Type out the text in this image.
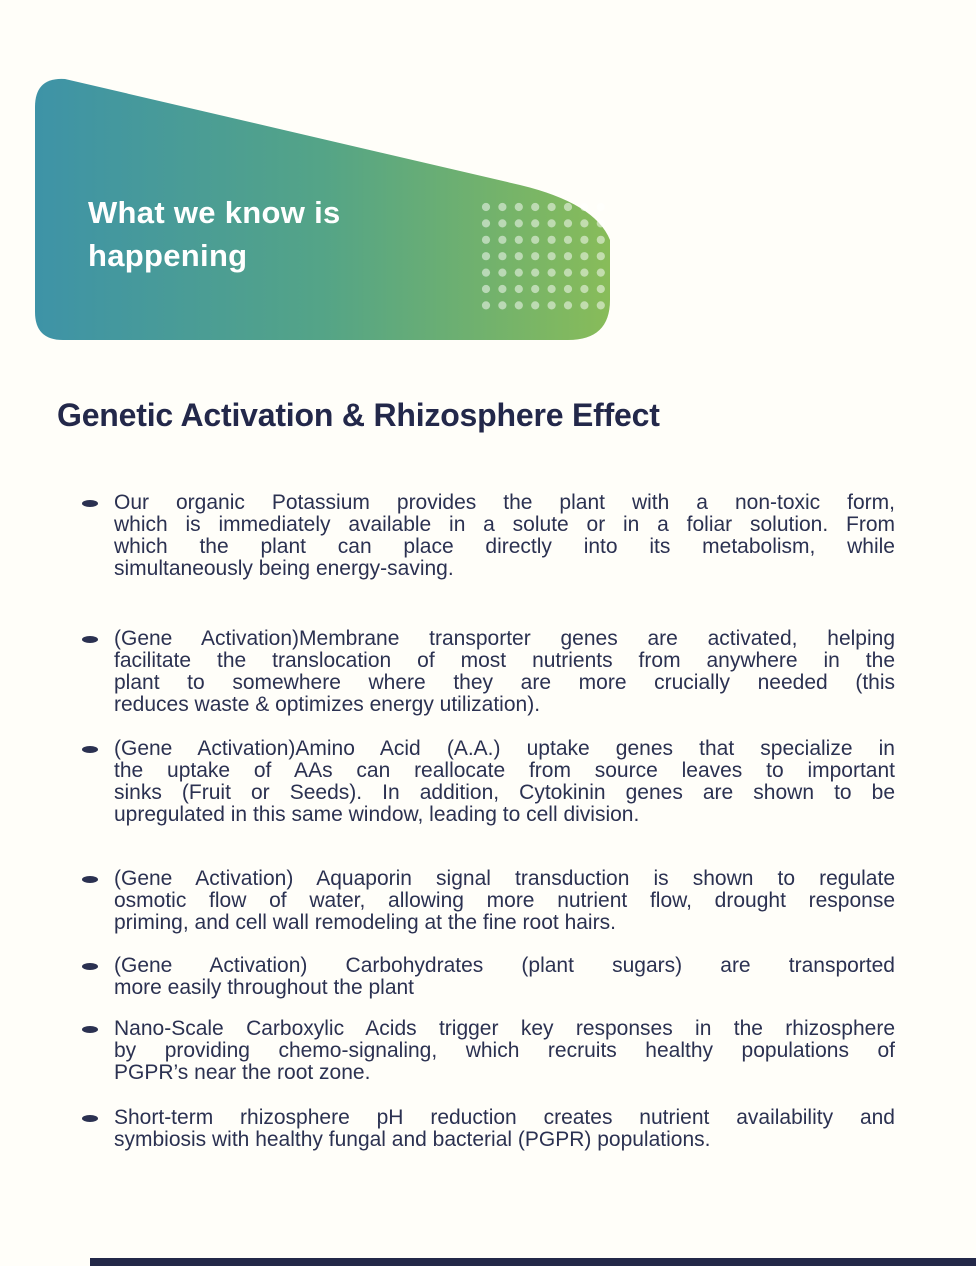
What we know is
happening
Genetic Activation & Rhizosphere Effect
Our organic Potassium provides the plant with a non-toxic form,
which is immediately available in a solute or in a foliar solution. From
which the plant can place directly into its metabolism, while
simultaneously being energy-saving.
(Gene Activation)Membrane transporter genes are activated, helping
facilitate the translocation of most nutrients from anywhere in the
plant to somewhere where they are more crucially needed (this
reduces waste & optimizes energy utilization).
(Gene Activation)Amino Acid (A.A.) uptake genes that specialize in
the uptake of AAs can reallocate from source leaves to important
sinks (Fruit or Seeds). In addition, Cytokinin genes are shown to be
upregulated in this same window, leading to cell division.
(Gene Activation) Aquaporin signal transduction is shown to regulate
osmotic flow of water, allowing more nutrient flow, drought response
priming, and cell wall remodeling at the fine root hairs.
(Gene Activation) Carbohydrates (plant sugars) are transported
more easily throughout the plant
Nano-Scale Carboxylic Acids trigger key responses in the rhizosphere
by providing chemo-signaling, which recruits healthy populations of
PGPR’s near the root zone.
Short-term rhizosphere pH reduction creates nutrient availability and
symbiosis with healthy fungal and bacterial (PGPR) populations.
